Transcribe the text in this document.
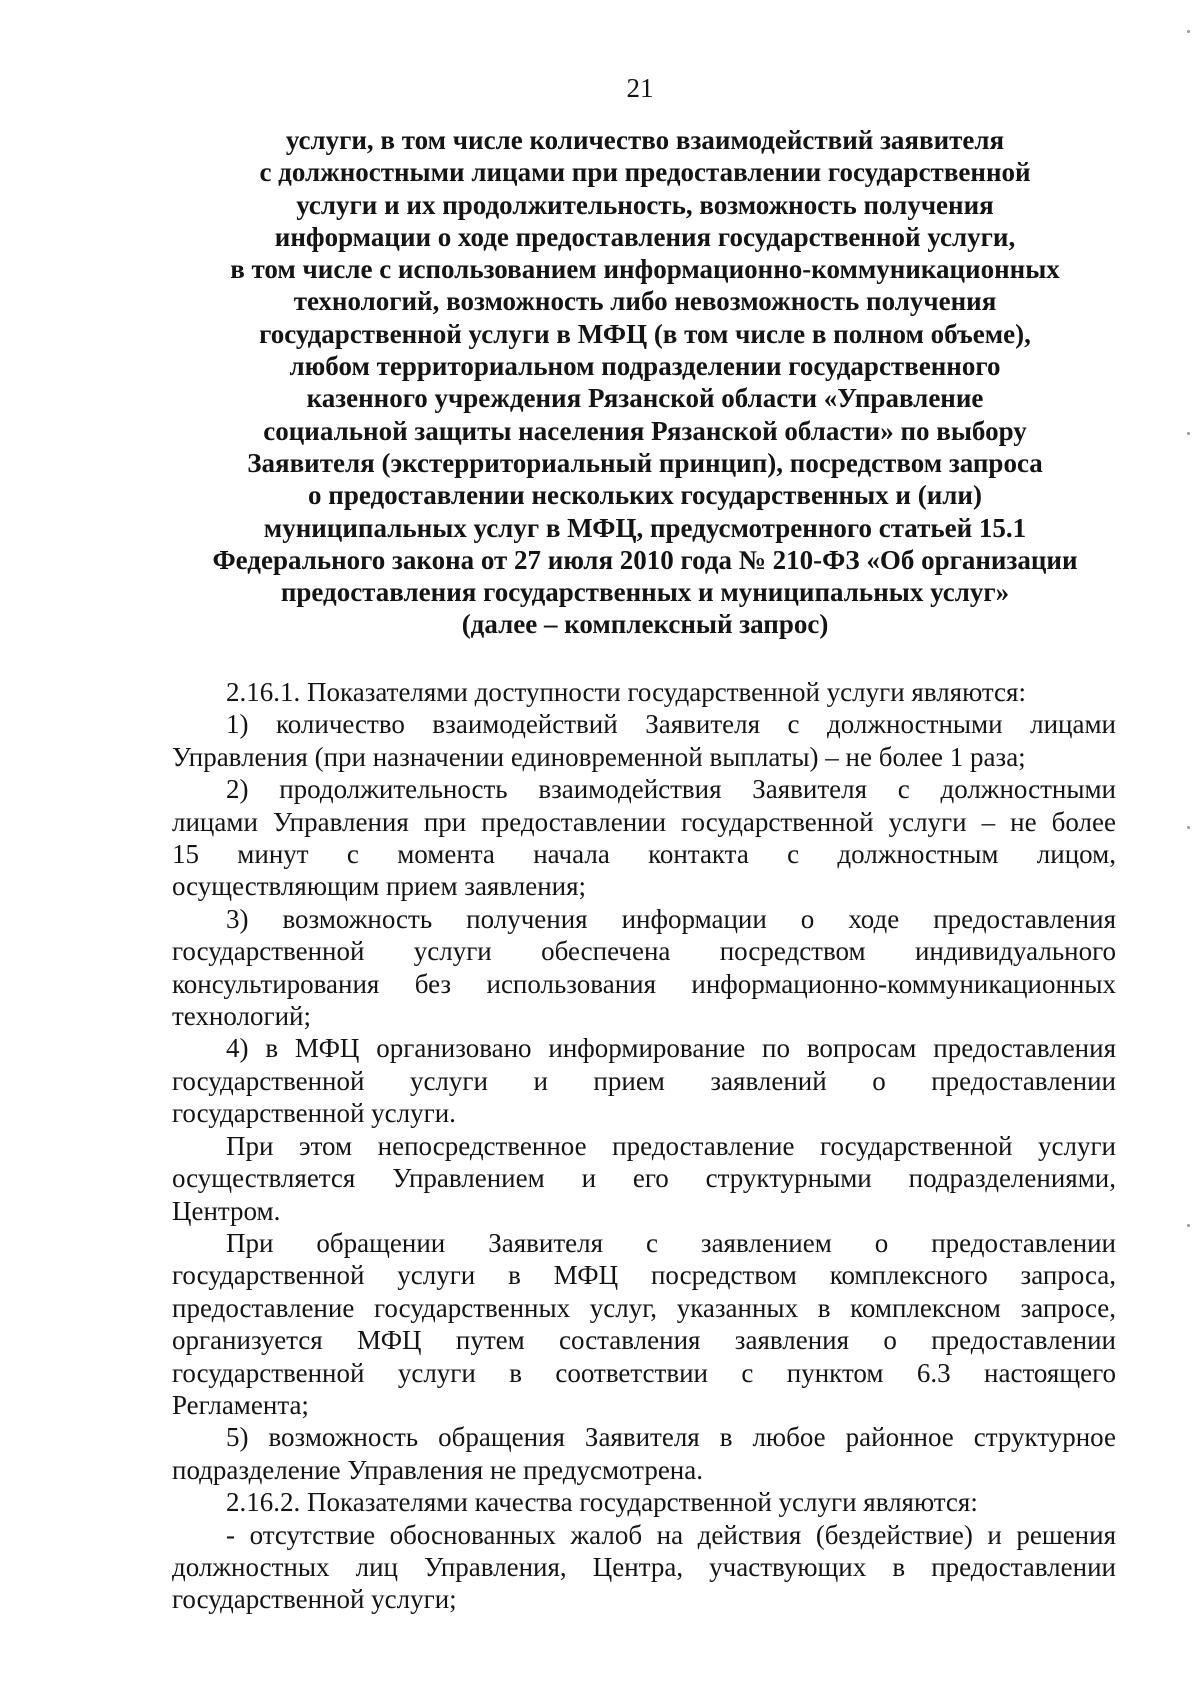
21
услуги, в том числе количество взаимодействий заявителя
с должностными лицами при предоставлении государственной
услуги и их продолжительность, возможность получения
информации о ходе предоставления государственной услуги,
в том числе с использованием информационно-коммуникационных
технологий, возможность либо невозможность получения
государственной услуги в МФЦ (в том числе в полном объеме),
любом территориальном подразделении государственного
казенного учреждения Рязанской области «Управление
социальной защиты населения Рязанской области» по выбору
Заявителя (экстерриториальный принцип), посредством запроса
о предоставлении нескольких государственных и (или)
муниципальных услуг в МФЦ, предусмотренного статьей 15.1
Федерального закона от 27 июля 2010 года № 210-ФЗ «Об организации
предоставления государственных и муниципальных услуг»
(далее – комплексный запрос)

2.16.1. Показателями доступности государственной услуги являются:

1) количество взаимодействий Заявителя с должностными лицами
Управления (при назначении единовременной выплаты) – не более 1 раза;

2) продолжительность взаимодействия Заявителя с должностными
лицами Управления при предоставлении государственной услуги – не более
15 минут с момента начала контакта с должностным лицом,
осуществляющим прием заявления;

3) возможность получения информации о ходе предоставления
государственной услуги обеспечена посредством индивидуального
консультирования без использования информационно-коммуникационных
технологий;

4) в МФЦ организовано информирование по вопросам предоставления
государственной услуги и прием заявлений о предоставлении
государственной услуги.

При этом непосредственное предоставление государственной услуги
осуществляется Управлением и его структурными подразделениями,
Центром.

При обращении Заявителя с заявлением о предоставлении
государственной услуги в МФЦ посредством комплексного запроса,
предоставление государственных услуг, указанных в комплексном запросе,
организуется МФЦ путем составления заявления о предоставлении
государственной услуги в соответствии с пунктом 6.3 настоящего
Регламента;

5) возможность обращения Заявителя в любое районное структурное
подразделение Управления не предусмотрена.

2.16.2. Показателями качества государственной услуги являются:

- отсутствие обоснованных жалоб на действия (бездействие) и решения
должностных лиц Управления, Центра, участвующих в предоставлении
государственной услуги;
